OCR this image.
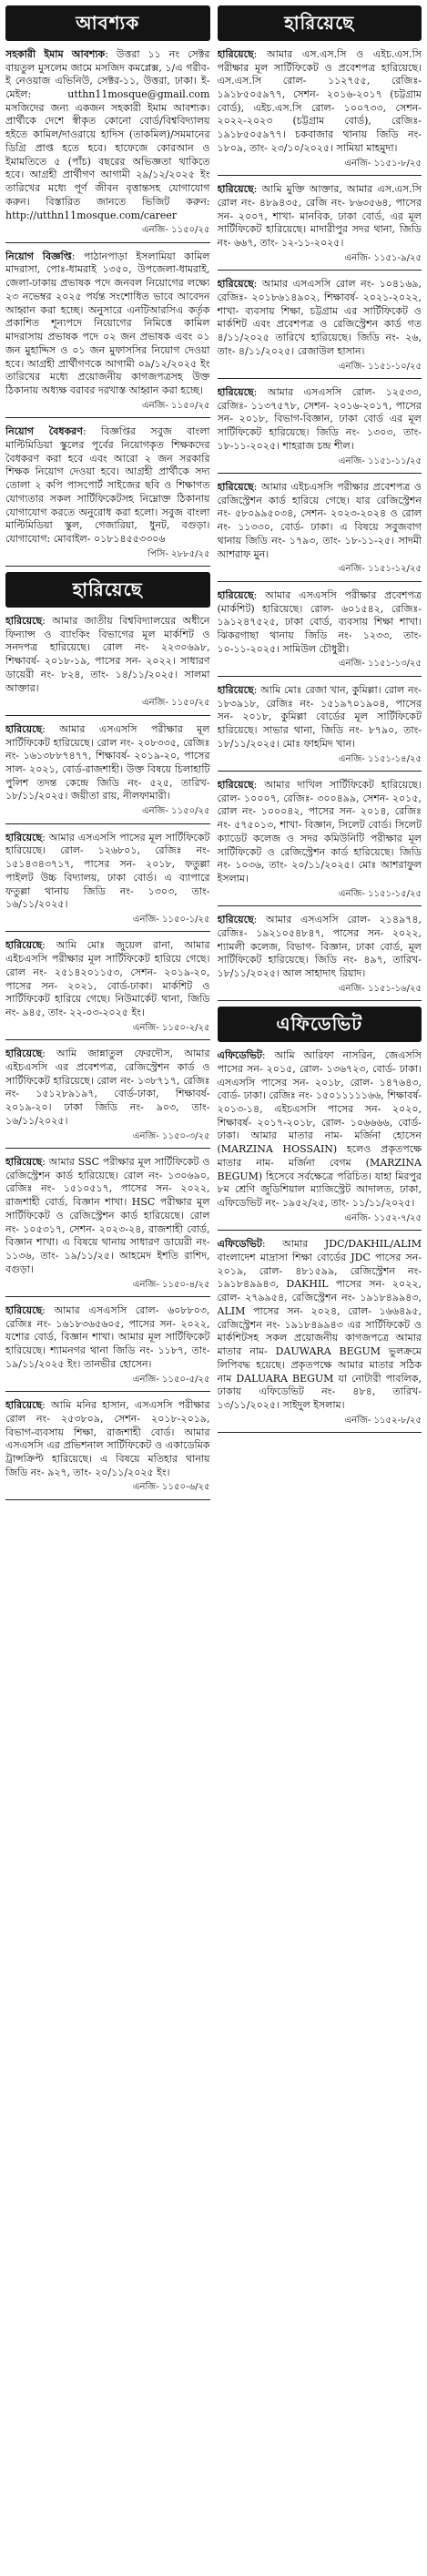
আবশ্যক

সহকারী ইমাম আবশ্যক: উত্তরা ১১ নং সেক্টর বায়তুল মুসলেম জামে মসজিদ কমপ্লেক্স, ১/এ গরীব-ই নেওয়াজ এভিনিউ, সেক্টর-১১, উত্তরা, ঢাকা। ই-মেইল: utthn11mosque@gmail.com মসজিদের জন্য একজন সহকারী ইমাম আবশ্যক। প্রার্থীকে দেশে স্বীকৃত কোনো বোর্ড/বিশ্ববিদ্যালয় হইতে কামিল/দাওরায়ে হাদিস (তাকমিল)/সমমানের ডিগ্রি প্রাপ্ত হতে হবে। হাফেজে কোরআন ও ইমামতিতে ৫ (পাঁচ) বছরের অভিজ্ঞতা থাকিতে হবে। আগ্রহী প্রার্থীগণ আগামী ২৯/১২/২০২৫ ইং তারিখের মধ্যে পূর্ণ জীবন বৃত্তান্তসহ যোগাযোগ করুন। বিস্তারিত জানতে ভিজিট করুন: http://utthn11mosque.com/career

এনজি- ১১৫০/২৫

নিয়োগ বিজ্ঞপ্তি: পাঠানপাড়া ইসলামিয়া কামিল মাদরাসা, পোঃ-ধামরাই ১৩৫০, উপজেলা-ধামরাই, জেলা-ঢাকায় প্রভাষক পদে জনবল নিয়োগের লক্ষ্যে ২৩ নভেম্বর ২০২৫ পর্যন্ত সংশোধিত ভাবে আবেদন আহ্বান করা হচ্ছে। অনুসারে এনটিআরসিএ কর্তৃক প্রকাশিত শূন্যপদে নিয়োগের নিমিত্তে কামিল মাদরাসায় প্রভাষক পদে ০২ জন প্রভাষক এবং ০১ জন মুহাদ্দিস ও ০১ জন মুফাসসির নিয়োগ দেওয়া হবে। আগ্রহী প্রার্থীগণকে আগামী ০৯/১২/২০২৫ ইং তারিখের মধ্যে প্রয়োজনীয় কাগজপত্রসহ উক্ত ঠিকানায় অধ্যক্ষ বরাবর দরখাস্ত আহ্বান করা হচ্ছে।

এনজি- ১১৫০/২৫

নিয়োগ বৈধকরণ: বিজ্ঞপ্তির সবুজ বাংলা মাল্টিমিডিয়া স্কুলের পূর্বের নিয়োগকৃত শিক্ষকদের বৈধকরণ করা হবে এবং আরো ২ জন সরকারি শিক্ষক নিয়োগ দেওয়া হবে। আগ্রহী প্রার্থীকে সদ্য তোলা ২ কপি পাসপোর্ট সাইজের ছবি ও শিক্ষাগত যোগ্যতার সকল সার্টিফিকেটসহ নিম্নোক্ত ঠিকানায় যোগাযোগ করতে অনুরোধ করা হলো। সবুজ বাংলা মাল্টিমিডিয়া স্কুল, গেজারিয়া, ধুনট, বগুড়া। যোগাযোগ: মোবাইল- ০১৮১৪৫৫৩৩০৬

পিসি- ২৮৮৫/২৫
হারিয়েছে

হারিয়েছে: আমার জাতীয় বিশ্ববিদ্যালয়ের অধীনে ফিন্যান্স ও ব্যাংকিং বিভাগের মূল মার্কশিট ও সনদপত্র হারিয়েছে। রোল নং- ২২৩০৬৯৮, শিক্ষাবর্ষ- ২০১৮-১৯, পাসের সন- ২০২২। সাধারণ ডায়েরী নং- ৮২৪, তাং- ১৪/১১/২০২৫। সালমা আক্তার।

এনজি- ১১৫০/২৫

হারিয়েছে: আমার এসএসসি পরীক্ষার মূল সার্টিফিকেট হারিয়েছে। রোল নং- ২০৮৩৩৫, রেজিঃ নং- ১৬১৩৮৮৭৪৭৭, শিক্ষাবর্ষ- ২০১৯-২০, পাসের সাল- ২০২১, বোর্ড-রাজশাহী। উক্ত বিষয়ে চিলাহাটি পুলিশ তদন্ত কেন্দ্রে জিডি নং- ৫২৫, তারিখ- ১৮/১১/২০২৫। জয়ীতা রায়, নীলফামারী।

এনজি- ১১৫০/২৫

হারিয়েছে: আমার এসএসসি পাসের মূল সার্টিফিকেট হারিয়েছে। রোল- ১২৬৮০১, রেজিঃ নং- ১৫১৪৩৪৩৭১৭, পাসের সন- ২০১৮, ফতুল্লা পাইলট উচ্চ বিদ্যালয়, ঢাকা বোর্ড। এ ব্যাপারে ফতুল্লা থানায় জিডি নং- ১৩০৩, তাং- ১৬/১১/২০২৫।

এনজি- ১১৫০-১/২৫

হারিয়েছে: আমি মোঃ জুয়েল রানা, আমার এইচএসসি পরীক্ষার মূল সার্টিফিকেট হারিয়ে গেছে। রোল নং- ২৫১৪২০১১৫৩, সেশন- ২০১৯-২০, পাসের সন- ২০২১, বোর্ড-ঢাকা। মার্কশিট ও সার্টিফিকেট হারিয়ে গেছে। নিউমার্কেট থানা, জিডি নং- ৯৪৫, তাং- ২২-০৩-২০২৫ ইং।

এনজি- ১১৫০-২/২৫

হারিয়েছে: আমি জান্নাতুল ফেরদৌস, আমার এইচএসসি এর প্রবেশপত্র, রেজিস্ট্রেশন কার্ড ও সার্টিফিকেট হারিয়েছে। রোল নং- ১৩৮৭১৭, রেজিঃ নং- ১৫১২৮৯১৯৭, বোর্ড-ঢাকা, শিক্ষাবর্ষ- ২০১৯-২০। ঢাকা জিডি নং- ৯০৩, তাং- ১৬/১১/২০২৫।

এনজি- ১১৫০-৩/২৫

হারিয়েছে: আমার SSC পরীক্ষার মূল সার্টিফিকেট ও রেজিস্ট্রেশন কার্ড হারিয়েছে। রোল নং- ১৩০৬৯০, রেজিঃ নং- ১৫১০৫১৭, পাসের সন- ২০২২, রাজশাহী বোর্ড, বিজ্ঞান শাখা। HSC পরীক্ষার মূল সার্টিফিকেট ও রেজিস্ট্রেশন কার্ড হারিয়েছে। রোল নং- ১০৫৩১৭, সেশন- ২০২৩-২৪, রাজশাহী বোর্ড, বিজ্ঞান শাখা। এ বিষয়ে থানায় সাধারণ ডায়েরী নং- ১১৩৬, তাং- ১৯/১১/২৫। আহমেদ ইশতি রাশিদ, বগুড়া।

এনজি- ১১৫০-৪/২৫

হারিয়েছে: আমার এসএসসি রোল- ৬০৮৮০৩, রেজিঃ নং- ১৬১৮৩৬৫৬০৫, পাসের সন- ২০২২, যশোর বোর্ড, বিজ্ঞান শাখা। আমার মূল সার্টিফিকেট হারিয়েছে। শ্যামনগর থানা জিডি নং- ১১৮৭, তাং- ১৯/১১/২০২৫ ইং। তানভীর হোসেন।

এনজি- ১১৫০-৫/২৫

হারিয়েছে: আমি মনির হাসান, এসএসসি পরীক্ষার রোল নং- ২৫৩৮০৯, সেশন- ২০১৮-২০১৯, বিভাগ-ব্যবসায় শিক্ষা, রাজশাহী বোর্ড। আমার এসএসসি এর প্রভিশনাল সার্টিফিকেট ও একাডেমিক ট্রান্সক্রিপ্ট হারিয়েছে। এ বিষয়ে মতিহার থানায় জিডি নং- ৯২৭, তাং- ২০/১১/২০২৫ ইং।

এনজি- ১১৫০-৬/২৫
হারিয়েছে

হারিয়েছে: আমার এস.এস.সি ও এইচ.এস.সি পরীক্ষার মূল সার্টিফিকেট ও প্রবেশপত্র হারিয়েছে। এস.এস.সি রোল- ১১২৭৫৫, রেজিঃ- ১৯১৮৫০৫৯৭৭, সেশন- ২০১৬-২০১৭ (চট্টগ্রাম বোর্ড), এইচ.এস.সি রোল- ১০০৭৩৩, সেশন- ২০২২-২০২৩ (চট্টগ্রাম বোর্ড), রেজিঃ- ১৯১৮৫০৫৯৭৭। চকবাজার থানায় জিডি নং- ১৮০৯, তাং- ২৩/১০/২০২৫। সামিয়া মাহমুদা।

এনজি- ১১৫১-৮/২৫

হারিয়েছে: আমি মুক্তি আক্তার, আমার এস.এস.সি রোল নং- ৪৮৯৪৩৫, রেজি নং- ৮৬৩৫৬৪, পাসের সন- ২০০৭, শাখা- মানবিক, ঢাকা বোর্ড, এর মূল সার্টিফিকেট হারিয়েছে। মাদারীপুর সদর থানা, জিডি নং- ৬৬৭, তাং- ১২-১১-২০২৫।

এনজি- ১১৫১-৯/২৫

হারিয়েছে: আমার এসএসসি রোল নং- ১০৪১৬৯, রেজিঃ- ২০১৮৬১৪৯০২, শিক্ষাবর্ষ- ২০২১-২০২২, শাখা- ব্যবসায় শিক্ষা, চট্টগ্রাম এর সার্টিফিকেট ও মার্কশিট এবং প্রবেশপত্র ও রেজিস্ট্রেশন কার্ড গত ৪/১১/২০২৫ তারিখে হারিয়েছে। জিডি নং- ২৬, তাং- ৪/১১/২০২৫। রেজাউল হাসান।

এনজি- ১১৫১-১০/২৫

হারিয়েছে: আমার এসএসসি রোল- ১২৫৩৩, রেজিঃ- ১১৩৭৫৭৮, সেশন- ২০১৬-২০১৭, পাসের সন- ২০১৮, বিভাগ-বিজ্ঞান, ঢাকা বোর্ড এর মূল সার্টিফিকেট হারিয়েছে। জিডি নং- ১৩০৩, তাং- ১৮-১১-২০২৫। শাহরাজ চন্দ্র শীল।

এনজি- ১১৫১-১১/২৫

হারিয়েছে: আমার এইচএসসি পরীক্ষার প্রবেশপত্র ও রেজিস্ট্রেশন কার্ড হারিয়ে গেছে। যার রেজিস্ট্রেশন নং- ৫৮০৯৯৫০৩৪, সেশন- ২০২৩-২০২৪ ও রোল নং- ১১৩৩০, বোর্ড- ঢাকা। এ বিষয়ে সবুজবাগ থানায় জিডি নং- ১৭৯৩, তাং- ১৮-১১-২৫। সাদমী আশরাফ মুন।

এনজি- ১১৫১-১২/২৫

হারিয়েছে: আমার এসএসসি পরীক্ষার প্রবেশপত্র (মার্কশিট) হারিয়েছে। রোল- ৬০১৫৪২, রেজিঃ- ১৯১২৪৭৫২৫, ঢাকা বোর্ড, ব্যবসায় শিক্ষা শাখা। ঝিকরগাছা থানায় জিডি নং- ১২৩৩, তাং- ১০-১১-২০২৫। সামিউল চৌধুরী।

এনজি- ১১৫১-১৩/২৫

হারিয়েছে: আমি মোঃ রেজা খান, কুমিল্লা। রোল নং- ১৮৩৯১৮, রেজিঃ নং- ১৫১৯৭০১৯০৪, পাসের সন- ২০১৮, কুমিল্লা বোর্ডের মূল সার্টিফিকেট হারিয়েছে। সাভার থানা, জিডি নং- ৮৭৯০, তাং- ১৮/১১/২০২৫। মোঃ ফাহমিদ খান।

এনজি- ১১৫১-১৪/২৫

হারিয়েছে: আমার দাখিল সার্টিফিকেট হারিয়েছে। রোল- ১০০০৭, রেজিঃ- ৩০০৪৯৯, সেশন- ২০১৫, রোল নং- ১০০০৪২, পাসের সন- ২০১৪, রেজিঃ নং- ৫৭৫০১৩, শাখা- বিজ্ঞান, সিলেট বোর্ড। সিলেট ক্যাডেট কলেজ ও সদর কমিউনিটি পরীক্ষার মূল সার্টিফিকেট ও রেজিস্ট্রেশন কার্ড হারিয়েছে। জিডি নং- ১০৩৬, তাং- ২০/১১/২০২৫। মোঃ আশরাফুল ইসলাম।

এনজি- ১১৫১-১৫/২৫

হারিয়েছে: আমার এসএসসি রোল- ২১৪৯৭৪, রেজিঃ- ১৯২১০৫৪৮৪৭, পাসের সন- ২০২২, শ্যামলী কলেজ, বিভাগ- বিজ্ঞান, ঢাকা বোর্ড, মূল সার্টিফিকেট হারিয়েছে। জিডি নং- ৪৯৭, তারিখ- ১৮/১১/২০২৫। আল সাহাদাৎ রিয়াদ।

এনজি- ১১৫১-১৬/২৫
এফিডেভিট

এফিডেভিট: আমি আরিফা নাসরিন, জেএসসি পাসের সন- ২০১৫, রোল- ১৩৬৭২৩, বোর্ড- ঢাকা। এসএসসি পাসের সন- ২০১৮, রোল- ১৪৭৬৪৩, বোর্ড- ঢাকা। রেজিঃ নং- ১৫০১১১১১৬৬, শিক্ষাবর্ষ- ২০১৩-১৪, এইচএসসি পাসের সন- ২০২০, শিক্ষাবর্ষ- ২০১৭-২০১৮, রোল- ১০৬৬৬৬, বোর্ড- ঢাকা। আমার মাতার নাম- মর্জিনা হোসেন (MARZINA HOSSAIN) হলেও প্রকৃতপক্ষে মাতার নাম- মর্জিনা বেগম (MARZINA BEGUM) হিসেবে সর্বক্ষেত্রে পরিচিত। যাহা মিরপুর ৮ম শ্রেণি জুডিশিয়াল ম্যাজিস্ট্রেট আদালত, ঢাকা, এফিডেভিট নং- ১৯৫২/২৫, তাং- ১১/১১/২০২৫।

এনজি- ১১৫২-৭/২৫

এফিডেভিট: আমার JDC/DAKHIL/ALIM বাংলাদেশ মাদ্রাসা শিক্ষা বোর্ডের JDC পাসের সন- ২০১৯, রোল- ৪৮১৫৯৯, রেজিস্ট্রেশন নং- ১৯১৮৪৯৯৪৩, DAKHIL পাসের সন- ২০২২, রোল- ২৭৯৯৫৪, রেজিস্ট্রেশন নং- ১৯১৮৪৯৯৪৩, ALIM পাসের সন- ২০২৪, রোল- ১৬৬৪৯৫, রেজিস্ট্রেশন নং- ১৯১৮৪৯৯৪৩ এর সার্টিফিকেট ও মার্কশিটসহ সকল প্রয়োজনীয় কাগজপত্রে আমার মাতার নাম- DAUWARA BEGUM ভুলক্রমে লিপিবদ্ধ হয়েছে। প্রকৃতপক্ষে আমার মাতার সঠিক নাম DALUARA BEGUM যা নোটারী পাবলিক, ঢাকায় এফিডেভিট নং- ৪৮৪, তারিখ- ১৩/১১/২০২৫। সাইদুল ইসলাম।

এনজি- ১১৫২-৮/২৫
